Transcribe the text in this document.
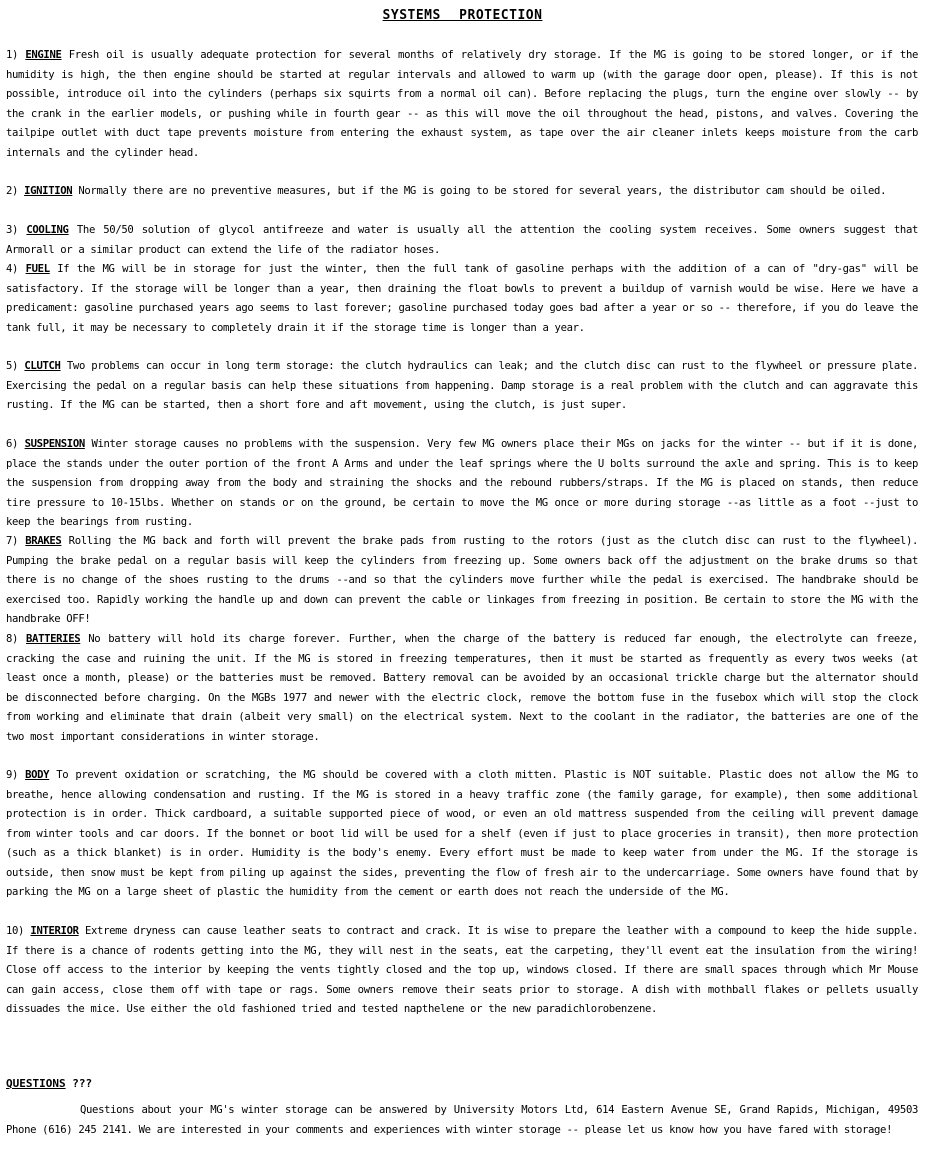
SYSTEMS PROTECTION

1) ENGINE Fresh oil is usually adequate protection for several months of relatively dry storage. If the MG is going to be stored longer, or if the humidity is high, the then engine should be started at regular intervals and allowed to warm up (with the garage door open, please). If this is not possible, introduce oil into the cylinders (perhaps six squirts from a normal oil can). Before replacing the plugs, turn the engine over slowly -- by the crank in the earlier models, or pushing while in fourth gear -- as this will move the oil throughout the head, pistons, and valves. Covering the tailpipe outlet with duct tape prevents moisture from entering the exhaust system, as tape over the air cleaner inlets keeps moisture from the carb internals and the cylinder head.

2) IGNITION Normally there are no preventive measures, but if the MG is going to be stored for several years, the distributor cam should be oiled.

3) COOLING The 50/50 solution of glycol antifreeze and water is usually all the attention the cooling system receives. Some owners suggest that Armorall or a similar product can extend the life of the radiator hoses.

4) FUEL If the MG will be in storage for just the winter, then the full tank of gasoline perhaps with the addition of a can of "dry-gas" will be satisfactory. If the storage will be longer than a year, then draining the float bowls to prevent a buildup of varnish would be wise. Here we have a predicament: gasoline purchased years ago seems to last forever; gasoline purchased today goes bad after a year or so -- therefore, if you do leave the tank full, it may be necessary to completely drain it if the storage time is longer than a year.

5) CLUTCH Two problems can occur in long term storage: the clutch hydraulics can leak; and the clutch disc can rust to the flywheel or pressure plate. Exercising the pedal on a regular basis can help these situations from happening. Damp storage is a real problem with the clutch and can aggravate this rusting. If the MG can be started, then a short fore and aft movement, using the clutch, is just super.

6) SUSPENSION Winter storage causes no problems with the suspension. Very few MG owners place their MGs on jacks for the winter -- but if it is done, place the stands under the outer portion of the front A Arms and under the leaf springs where the U bolts surround the axle and spring. This is to keep the suspension from dropping away from the body and straining the shocks and the rebound rubbers/straps. If the MG is placed on stands, then reduce tire pressure to 10-15lbs. Whether on stands or on the ground, be certain to move the MG once or more during storage --as little as a foot --just to keep the bearings from rusting.

7) BRAKES Rolling the MG back and forth will prevent the brake pads from rusting to the rotors (just as the clutch disc can rust to the flywheel). Pumping the brake pedal on a regular basis will keep the cylinders from freezing up. Some owners back off the adjustment on the brake drums so that there is no change of the shoes rusting to the drums --and so that the cylinders move further while the pedal is exercised. The handbrake should be exercised too. Rapidly working the handle up and down can prevent the cable or linkages from freezing in position. Be certain to store the MG with the handbrake OFF!

8) BATTERIES No battery will hold its charge forever. Further, when the charge of the battery is reduced far enough, the electrolyte can freeze, cracking the case and ruining the unit. If the MG is stored in freezing temperatures, then it must be started as frequently as every twos weeks (at least once a month, please) or the batteries must be removed. Battery removal can be avoided by an occasional trickle charge but the alternator should be disconnected before charging. On the MGBs 1977 and newer with the electric clock, remove the bottom fuse in the fusebox which will stop the clock from working and eliminate that drain (albeit very small) on the electrical system. Next to the coolant in the radiator, the batteries are one of the two most important considerations in winter storage.

9) BODY To prevent oxidation or scratching, the MG should be covered with a cloth mitten. Plastic is NOT suitable. Plastic does not allow the MG to breathe, hence allowing condensation and rusting. If the MG is stored in a heavy traffic zone (the family garage, for example), then some additional protection is in order. Thick cardboard, a suitable supported piece of wood, or even an old mattress suspended from the ceiling will prevent damage from winter tools and car doors. If the bonnet or boot lid will be used for a shelf (even if just to place groceries in transit), then more protection (such as a thick blanket) is in order. Humidity is the body's enemy. Every effort must be made to keep water from under the MG. If the storage is outside, then snow must be kept from piling up against the sides, preventing the flow of fresh air to the undercarriage. Some owners have found that by parking the MG on a large sheet of plastic the humidity from the cement or earth does not reach the underside of the MG.

10) INTERIOR Extreme dryness can cause leather seats to contract and crack. It is wise to prepare the leather with a compound to keep the hide supple. If there is a chance of rodents getting into the MG, they will nest in the seats, eat the carpeting, they'll event eat the insulation from the wiring! Close off access to the interior by keeping the vents tightly closed and the top up, windows closed. If there are small spaces through which Mr Mouse can gain access, close them off with tape or rags. Some owners remove their seats prior to storage. A dish with mothball flakes or pellets usually dissuades the mice. Use either the old fashioned tried and tested napthelene or the new paradichlorobenzene.

QUESTIONS ???

Questions about your MG's winter storage can be answered by University Motors Ltd, 614 Eastern Avenue SE, Grand Rapids, Michigan, 49503 Phone (616) 245 2141. We are interested in your comments and experiences with winter storage -- please let us know how you have fared with storage!
